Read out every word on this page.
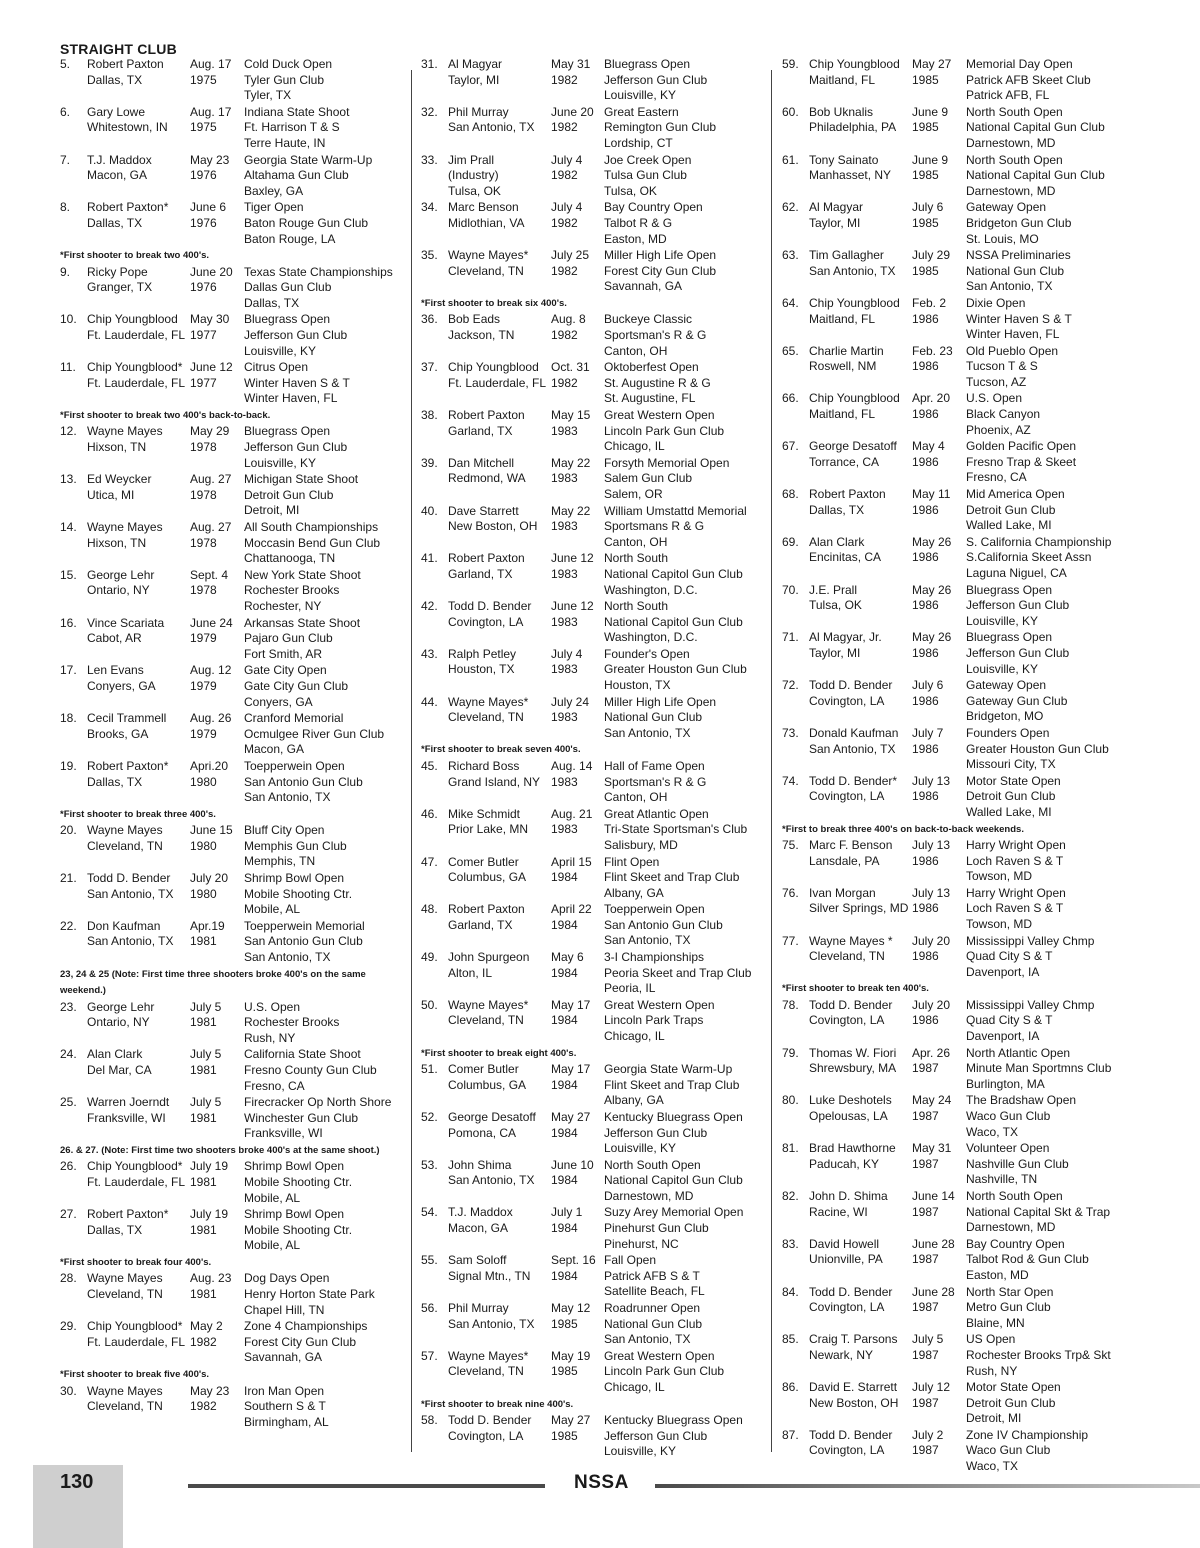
STRAIGHT CLUB
5. Robert Paxton
Dallas, TX
Aug. 17
1975
Cold Duck Open
Tyler Gun Club
Tyler, TX
6. Gary Lowe
Whitestown, IN
Aug. 17
1975
Indiana State Shoot
Ft. Harrison T & S
Terre Haute, IN
7. T.J. Maddox
Macon, GA
May 23
1976
Georgia State Warm-Up
Altahama Gun Club
Baxley, GA
8. Robert Paxton*
Dallas, TX
June 6
1976
Tiger Open
Baton Rouge Gun Club
Baton Rouge, LA
*First shooter to break two 400's.
9. Ricky Pope
Granger, TX
June 20
1976
Texas State Championships
Dallas Gun Club
Dallas, TX
10. Chip Youngblood
Ft. Lauderdale, FL
May 30
1977
Bluegrass Open
Jefferson Gun Club
Louisville, KY
11. Chip Youngblood*
Ft. Lauderdale, FL
June 12
1977
Citrus Open
Winter Haven S & T
Winter Haven, FL
*First shooter to break two 400's back-to-back.
12. Wayne Mayes
Hixson, TN
May 29
1978
Bluegrass Open
Jefferson Gun Club
Louisville, KY
13. Ed Weycker
Utica, MI
Aug. 27
1978
Michigan State Shoot
Detroit Gun Club
Detroit, MI
14. Wayne Mayes
Hixson, TN
Aug. 27
1978
All South Championships
Moccasin Bend Gun Club
Chattanooga, TN
15. George Lehr
Ontario, NY
Sept. 4
1978
New York State Shoot
Rochester Brooks
Rochester, NY
16. Vince Scariata
Cabot, AR
June 24
1979
Arkansas State Shoot
Pajaro Gun Club
Fort Smith, AR
17. Len Evans
Conyers, GA
Aug. 12
1979
Gate City Open
Gate City Gun Club
Conyers, GA
18. Cecil Trammell
Brooks, GA
Aug. 26
1979
Cranford Memorial
Ocmulgee River Gun Club
Macon, GA
19. Robert Paxton*
Dallas, TX
Apri.20
1980
Toepperwein Open
San Antonio Gun Club
San Antonio, TX
*First shooter to break three 400's.
20. Wayne Mayes
Cleveland, TN
June 15
1980
Bluff City Open
Memphis Gun Club
Memphis, TN
21. Todd D. Bender
San Antonio, TX
July 20
1980
Shrimp Bowl Open
Mobile Shooting Ctr.
Mobile, AL
22. Don Kaufman
San Antonio, TX
Apr.19
1981
Toepperwein Memorial
San Antonio Gun Club
San Antonio, TX
23, 24 & 25 (Note: First time three shooters broke 400's on the same weekend.)
23. George Lehr
Ontario, NY
July 5
1981
U.S. Open
Rochester Brooks
Rush, NY
24. Alan Clark
Del Mar, CA
July 5
1981
California State Shoot
Fresno County Gun Club
Fresno, CA
25. Warren Joerndt
Franksville, WI
July 5
1981
Firecracker Op North Shore
Winchester Gun Club
Franksville, WI
26. & 27. (Note: First time two shooters broke 400's at the same shoot.)
26. Chip Youngblood*
Ft. Lauderdale, FL
July 19
1981
Shrimp Bowl Open
Mobile Shooting Ctr.
Mobile, AL
27. Robert Paxton*
Dallas, TX
July 19
1981
Shrimp Bowl Open
Mobile Shooting Ctr.
Mobile, AL
*First shooter to break four 400's.
28. Wayne Mayes
Cleveland, TN
Aug. 23
1981
Dog Days Open
Henry Horton State Park
Chapel Hill, TN
29. Chip Youngblood*
Ft. Lauderdale, FL
May 2
1982
Zone 4 Championships
Forest City Gun Club
Savannah, GA
*First shooter to break five 400's.
30. Wayne Mayes
Cleveland, TN
May 23
1982
Iron Man Open
Southern S & T
Birmingham, AL
31. Al Magyar
Taylor, MI
May 31
1982
Bluegrass Open
Jefferson Gun Club
Louisville, KY
32. Phil Murray
San Antonio, TX
June 20
1982
Great Eastern
Remington Gun Club
Lordship, CT
33. Jim Prall
(Industry)
Tulsa, OK
July 4
1982
Joe Creek Open
Tulsa Gun Club
Tulsa, OK
34. Marc Benson
Midlothian, VA
July 4
1982
Bay Country Open
Talbot R & G
Easton, MD
35. Wayne Mayes*
Cleveland, TN
July 25
1982
Miller High Life Open
Forest City Gun Club
Savannah, GA
*First shooter to break six 400's.
36. Bob Eads
Jackson, TN
Aug. 8
1982
Buckeye Classic
Sportsman's R & G
Canton, OH
37. Chip Youngblood
Ft. Lauderdale, FL
Oct. 31
1982
Oktoberfest Open
St. Augustine R & G
St. Augustine, FL
38. Robert Paxton
Garland, TX
May 15
1983
Great Western Open
Lincoln Park Gun Club
Chicago, IL
39. Dan Mitchell
Redmond, WA
May 22
1983
Forsyth Memorial Open
Salem Gun Club
Salem, OR
40. Dave Starrett
New Boston, OH
May 22
1983
William Umstattd Memorial
Sportsmans R & G
Canton, OH
41. Robert Paxton
Garland, TX
June 12
1983
North South
National Capitol Gun Club
Washington, D.C.
42. Todd D. Bender
Covington, LA
June 12
1983
North South
National Capitol Gun Club
Washington, D.C.
43. Ralph Petley
Houston, TX
July 4
1983
Founder's Open
Greater Houston Gun Club
Houston, TX
44. Wayne Mayes*
Cleveland, TN
July 24
1983
Miller High Life Open
National Gun Club
San Antonio, TX
*First shooter to break seven 400's.
45. Richard Boss
Grand Island, NY
Aug. 14
1983
Hall of Fame Open
Sportsman's R & G
Canton, OH
46. Mike Schmidt
Prior Lake, MN
Aug. 21
1983
Great Atlantic Open
Tri-State Sportsman's Club
Salisbury, MD
47. Comer Butler
Columbus, GA
April 15
1984
Flint Open
Flint Skeet and Trap Club
Albany, GA
48. Robert Paxton
Garland, TX
April 22
1984
Toepperwein Open
San Antonio Gun Club
San Antonio, TX
49. John Spurgeon
Alton, IL
May 6
1984
3-I Championships
Peoria Skeet and Trap Club
Peoria, IL
50. Wayne Mayes*
Cleveland, TN
May 17
1984
Great Western Open
Lincoln Park Traps
Chicago, IL
*First shooter to break eight 400's.
51. Comer Butler
Columbus, GA
May 17
1984
Georgia State Warm-Up
Flint Skeet and Trap Club
Albany, GA
52. George Desatoff
Pomona, CA
May 27
1984
Kentucky Bluegrass Open
Jefferson Gun Club
Louisville, KY
53. John Shima
San Antonio, TX
June 10
1984
North South Open
National Capitol Gun Club
Darnestown, MD
54. T.J. Maddox
Macon, GA
July 1
1984
Suzy Arey Memorial Open
Pinehurst Gun Club
Pinehurst, NC
55. Sam Soloff
Signal Mtn., TN
Sept. 16
1984
Fall Open
Patrick AFB S & T
Satellite Beach, FL
56. Phil Murray
San Antonio, TX
May 12
1985
Roadrunner Open
National Gun Club
San Antonio, TX
57. Wayne Mayes*
Cleveland, TN
May 19
1985
Great Western Open
Lincoln Park Gun Club
Chicago, IL
*First shooter to break nine 400's.
58. Todd D. Bender
Covington, LA
May 27
1985
Kentucky Bluegrass Open
Jefferson Gun Club
Louisville, KY
59. Chip Youngblood
Maitland, FL
May 27
1985
Memorial Day Open
Patrick AFB Skeet Club
Patrick AFB, FL
60. Bob Uknalis
Philadelphia, PA
June 9
1985
North South Open
National Capital Gun Club
Darnestown, MD
61. Tony Sainato
Manhasset, NY
June 9
1985
North South Open
National Capital Gun Club
Darnestown, MD
62. Al Magyar
Taylor, MI
July 6
1985
Gateway Open
Bridgeton Gun Club
St. Louis, MO
63. Tim Gallagher
San Antonio, TX
July 29
1985
NSSA Preliminaries
National Gun Club
San Antonio, TX
64. Chip Youngblood
Maitland, FL
Feb. 2
1986
Dixie Open
Winter Haven S & T
Winter Haven, FL
65. Charlie Martin
Roswell, NM
Feb. 23
1986
Old Pueblo Open
Tucson T & S
Tucson, AZ
66. Chip Youngblood
Maitland, FL
Apr. 20
1986
U.S. Open
Black Canyon
Phoenix, AZ
67. George Desatoff
Torrance, CA
May 4
1986
Golden Pacific Open
Fresno Trap & Skeet
Fresno, CA
68. Robert Paxton
Dallas, TX
May 11
1986
Mid America Open
Detroit Gun Club
Walled Lake, MI
69. Alan Clark
Encinitas, CA
May 26
1986
S. California Championship
S.California Skeet Assn
Laguna Niguel, CA
70. J.E. Prall
Tulsa, OK
May 26
1986
Bluegrass Open
Jefferson Gun Club
Louisville, KY
71. Al Magyar, Jr.
Taylor, MI
May 26
1986
Bluegrass Open
Jefferson Gun Club
Louisville, KY
72. Todd D. Bender
Covington, LA
July 6
1986
Gateway Open
Gateway Gun Club
Bridgeton, MO
73. Donald Kaufman
San Antonio, TX
July 7
1986
Founders Open
Greater Houston Gun Club
Missouri City, TX
74. Todd D. Bender*
Covington, LA
July 13
1986
Motor State Open
Detroit Gun Club
Walled Lake, MI
*First to break three 400's on back-to-back weekends.
75. Marc F. Benson
Lansdale, PA
July 13
1986
Harry Wright Open
Loch Raven S & T
Towson, MD
76. Ivan Morgan
Silver Springs, MD
July 13
1986
Harry Wright Open
Loch Raven S & T
Towson, MD
77. Wayne Mayes *
Cleveland, TN
July 20
1986
Mississippi Valley Chmp
Quad City S & T
Davenport, IA
*First shooter to break ten 400's.
78. Todd D. Bender
Covington, LA
July 20
1986
Mississippi Valley Chmp
Quad City S & T
Davenport, IA
79. Thomas W. Fiori
Shrewsbury, MA
Apr. 26
1987
North Atlantic Open
Minute Man Sportmns Club
Burlington, MA
80. Luke Deshotels
Opelousas, LA
May 24
1987
The Bradshaw Open
Waco Gun Club
Waco, TX
81. Brad Hawthorne
Paducah, KY
May 31
1987
Volunteer Open
Nashville Gun Club
Nashville, TN
82. John D. Shima
Racine, WI
June 14
1987
North South Open
National Capital Skt & Trap
Darnestown, MD
83. David Howell
Unionville, PA
June 28
1987
Bay Country Open
Talbot Rod & Gun Club
Easton, MD
84. Todd D. Bender
Covington, LA
June 28
1987
North Star Open
Metro Gun Club
Blaine, MN
85. Craig T. Parsons
Newark, NY
July 5
1987
US Open
Rochester Brooks Trp& Skt
Rush, NY
86. David E. Starrett
New Boston, OH
July 12
1987
Motor State Open
Detroit Gun Club
Detroit, MI
87. Todd D. Bender
Covington, LA
July 2
1987
Zone IV Championship
Waco Gun Club
Waco, TX
130	NSSA
